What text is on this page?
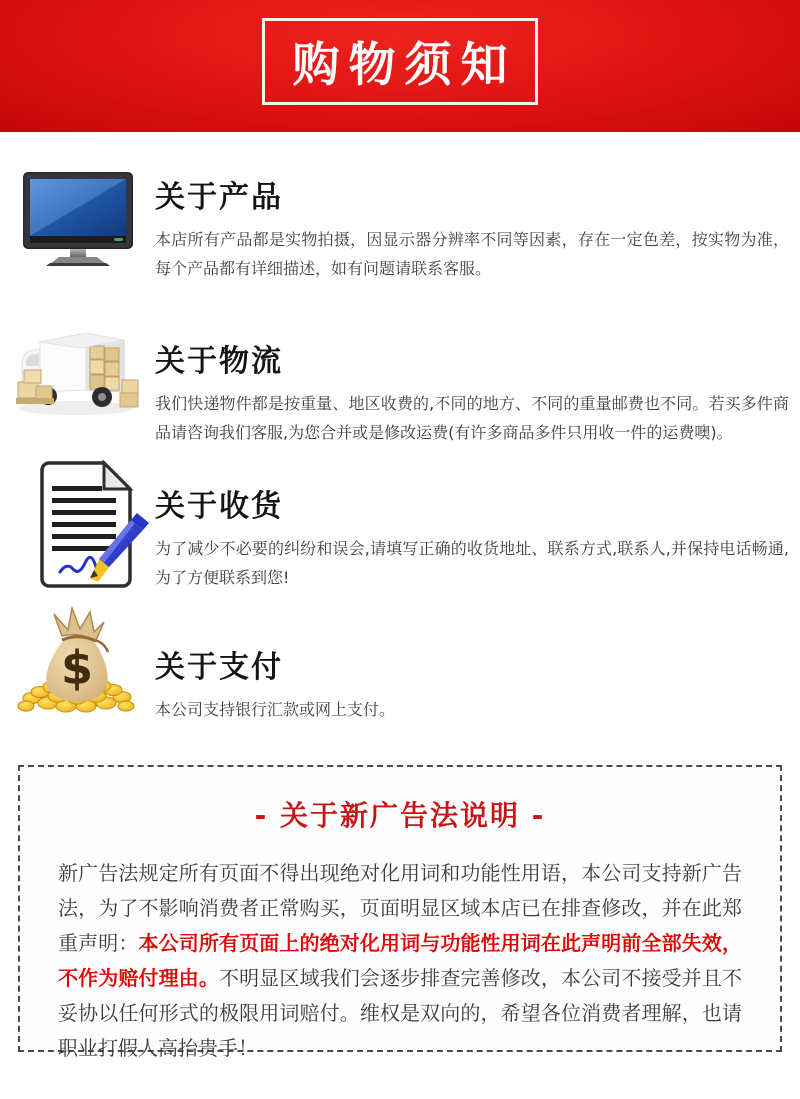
购物须知
关于产品
本店所有产品都是实物拍摄，因显示器分辨率不同等因素，存在一定色差，按实物为准，每个产品都有详细描述，如有问题请联系客服。
关于物流
我们快递物件都是按重量、地区收费的,不同的地方、不同的重量邮费也不同。若买多件商品请咨询我们客服,为您合并或是修改运费(有许多商品多件只用收一件的运费噢)。
关于收货
为了减少不必要的纠纷和误会,请填写正确的收货地址、联系方式,联系人,并保持电话畅通,为了方便联系到您!
$ 关于支付
本公司支持银行汇款或网上支付。
- 关于新广告法说明 -
新广告法规定所有页面不得出现绝对化用词和功能性用语，本公司支持新广告法，为了不影响消费者正常购买，页面明显区域本店已在排查修改，并在此郑重声明：本公司所有页面上的绝对化用词与功能性用词在此声明前全部失效，不作为赔付理由。不明显区域我们会逐步排查完善修改，本公司不接受并且不妥协以任何形式的极限用词赔付。维权是双向的，希望各位消费者理解，也请职业打假人高抬贵手！
